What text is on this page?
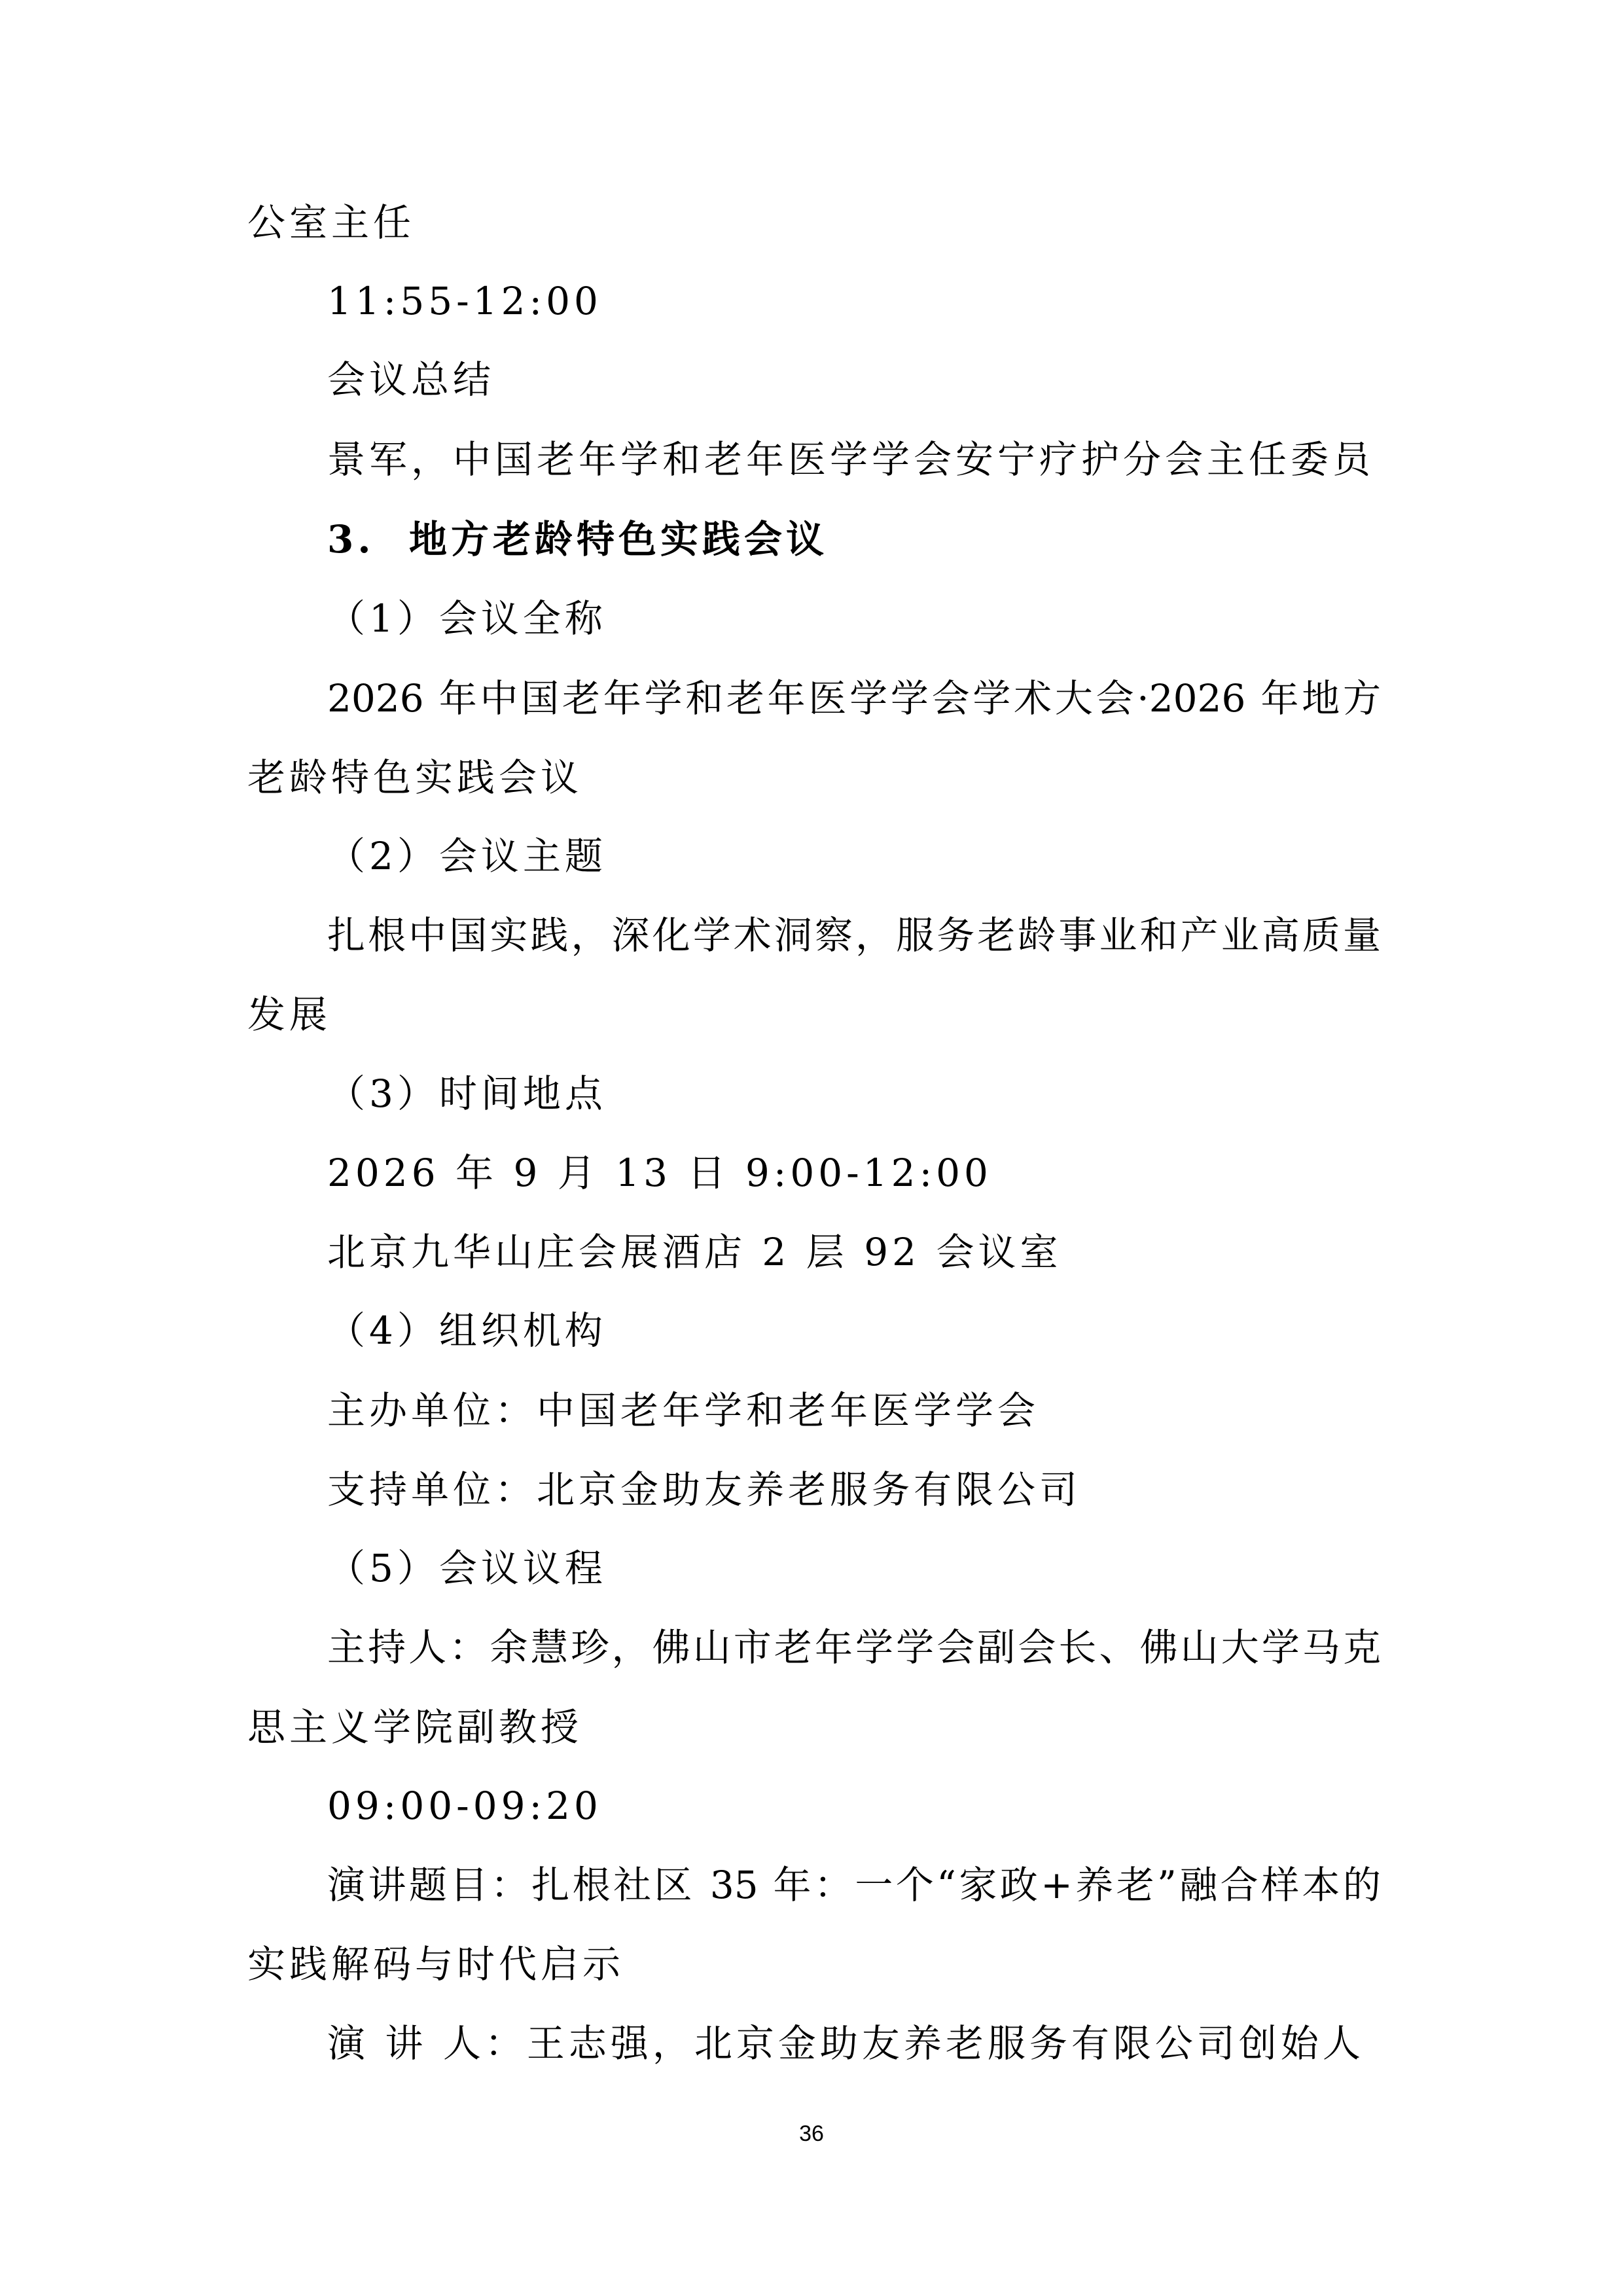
公室主任
11:55-12:00
会议总结
景军，中国老年学和老年医学学会安宁疗护分会主任委员
3. 地方老龄特色实践会议
（1）会议全称
2026 年中国老年学和老年医学学会学术大会·2026 年地方
老龄特色实践会议
（2）会议主题
扎根中国实践，深化学术洞察，服务老龄事业和产业高质量
发展
（3）时间地点
2026 年 9 月 13 日 9:00-12:00
北京九华山庄会展酒店 2 层 92 会议室
（4）组织机构
主办单位：中国老年学和老年医学学会
支持单位：北京金助友养老服务有限公司
（5）会议议程
主持人：余慧珍，佛山市老年学学会副会长、佛山大学马克
思主义学院副教授
09:00-09:20
演讲题目：扎根社区 35 年：一个“家政+养老”融合样本的
实践解码与时代启示
演 讲 人：王志强，北京金助友养老服务有限公司创始人
36
